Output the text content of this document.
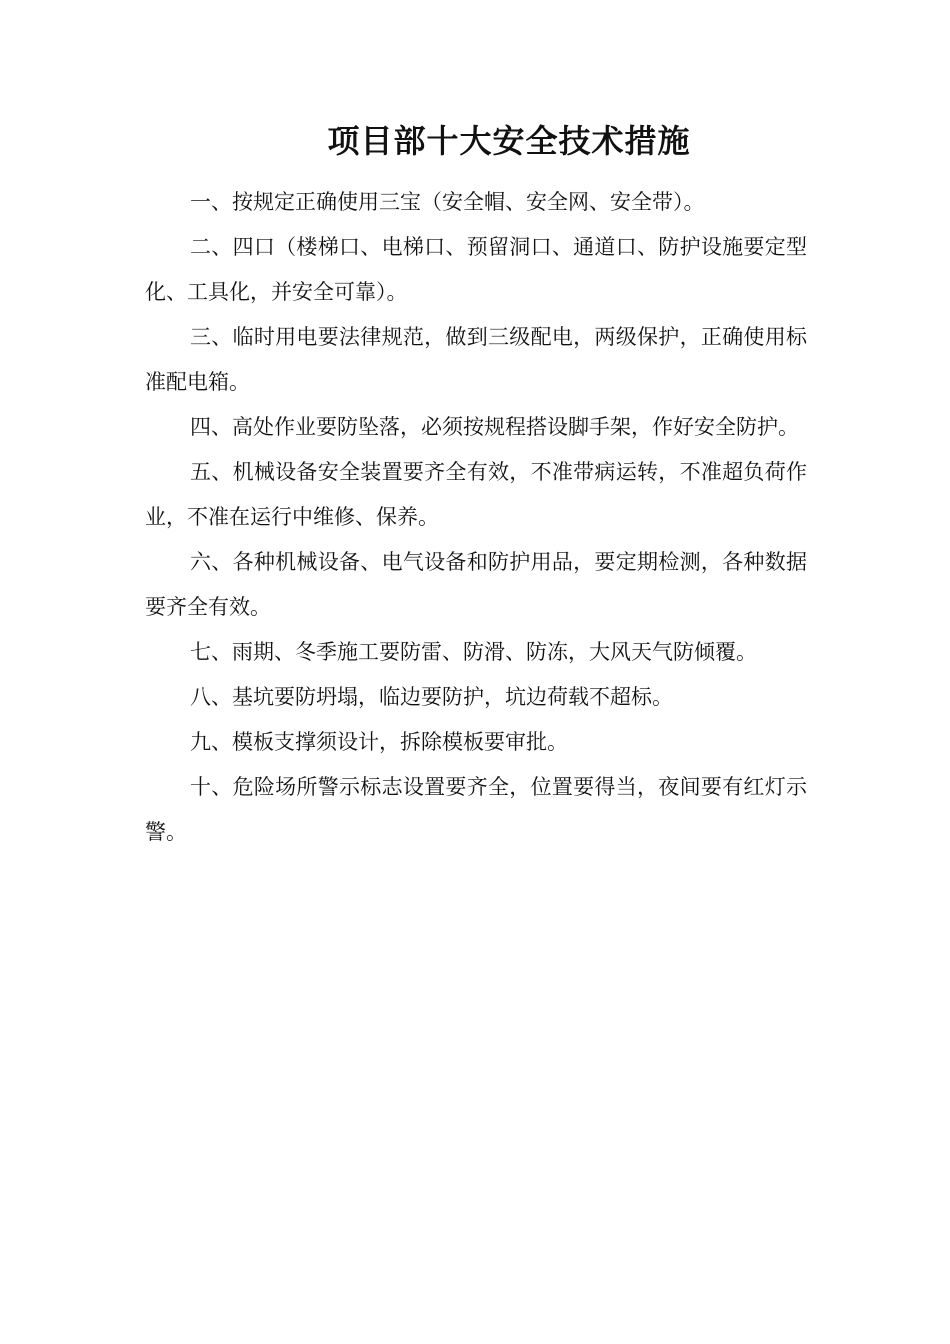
项目部十大安全技术措施

一、按规定正确使用三宝（安全帽、安全网、安全带）。

二、四口（楼梯口、电梯口、预留洞口、通道口、防护设施要定型化、工具化，并安全可靠）。

三、临时用电要法律规范，做到三级配电，两级保护，正确使用标准配电箱。

四、高处作业要防坠落，必须按规程搭设脚手架，作好安全防护。

五、机械设备安全装置要齐全有效，不准带病运转，不准超负荷作业，不准在运行中维修、保养。

六、各种机械设备、电气设备和防护用品，要定期检测，各种数据要齐全有效。

七、雨期、冬季施工要防雷、防滑、防冻，大风天气防倾覆。

八、基坑要防坍塌，临边要防护，坑边荷载不超标。

九、模板支撑须设计，拆除模板要审批。

十、危险场所警示标志设置要齐全，位置要得当，夜间要有红灯示警。
